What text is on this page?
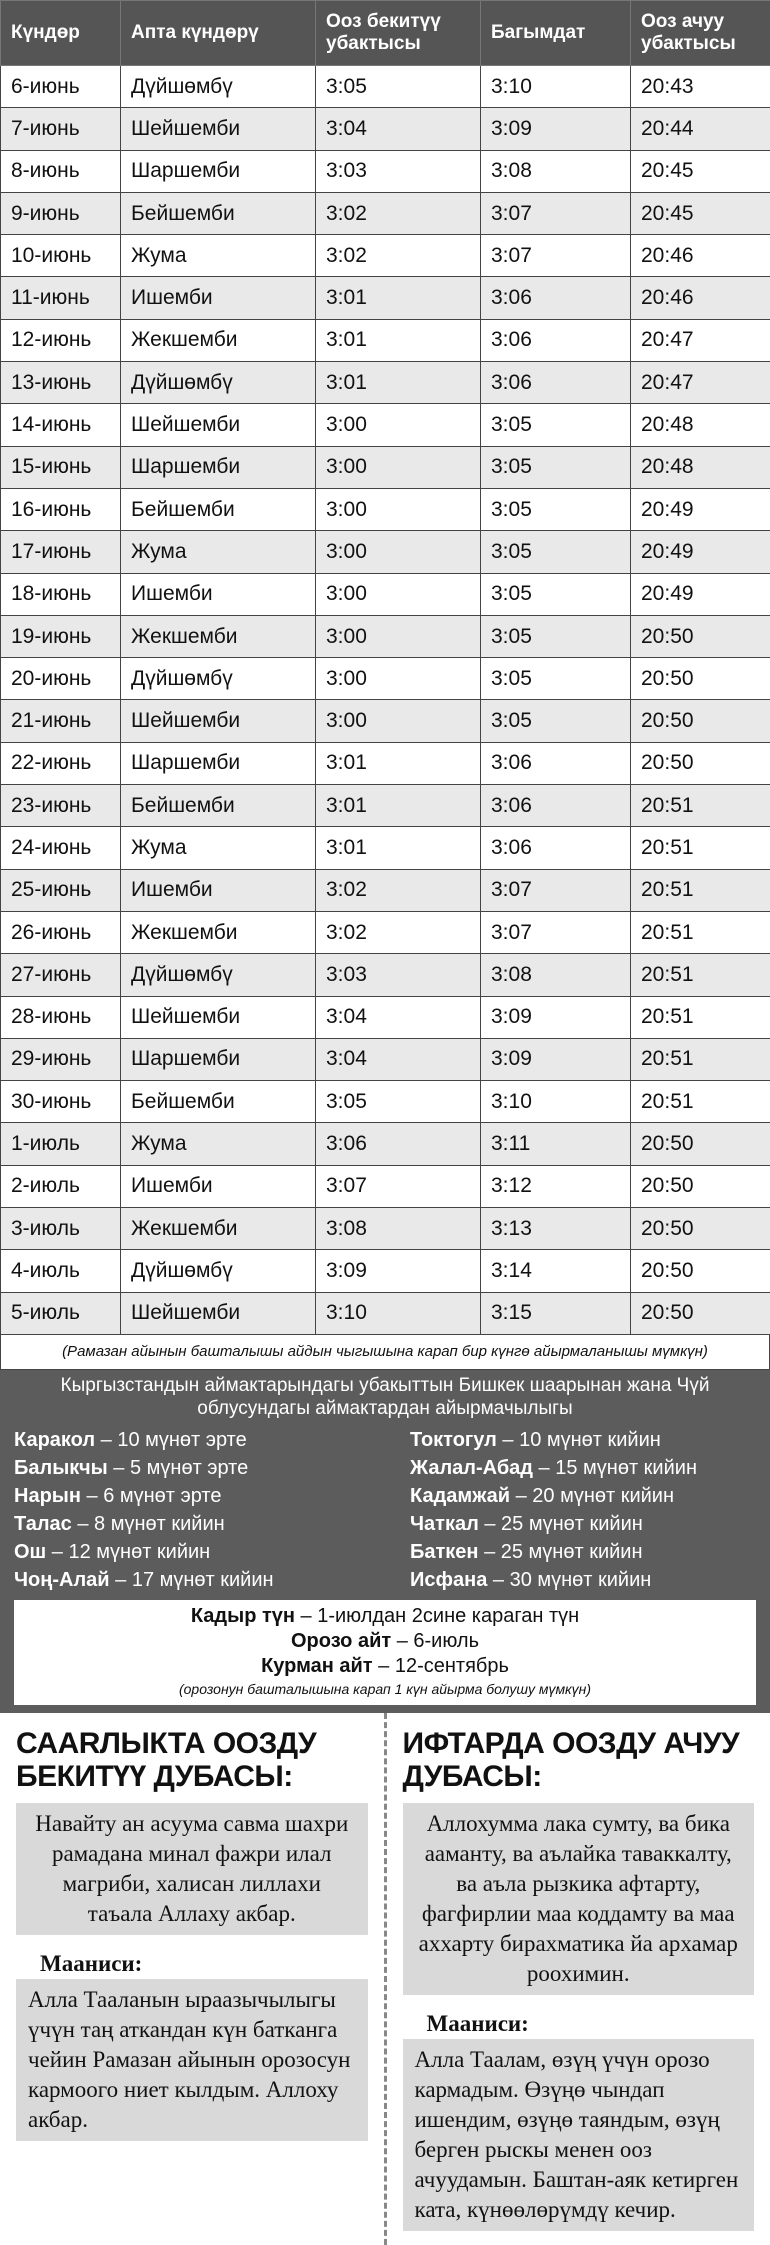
Күндөр	Апта күндөрү	Ооз бекитүү убактысы	Багымдат	Ооз ачуу убактысы
6-июнь	Дүйшөмбү	3:05	3:10	20:43
7-июнь	Шейшемби	3:04	3:09	20:44
8-июнь	Шаршемби	3:03	3:08	20:45
9-июнь	Бейшемби	3:02	3:07	20:45
10-июнь	Жума	3:02	3:07	20:46
11-июнь	Ишемби	3:01	3:06	20:46
12-июнь	Жекшемби	3:01	3:06	20:47
13-июнь	Дүйшөмбү	3:01	3:06	20:47
14-июнь	Шейшемби	3:00	3:05	20:48
15-июнь	Шаршемби	3:00	3:05	20:48
16-июнь	Бейшемби	3:00	3:05	20:49
17-июнь	Жума	3:00	3:05	20:49
18-июнь	Ишемби	3:00	3:05	20:49
19-июнь	Жекшемби	3:00	3:05	20:50
20-июнь	Дүйшөмбү	3:00	3:05	20:50
21-июнь	Шейшемби	3:00	3:05	20:50
22-июнь	Шаршемби	3:01	3:06	20:50
23-июнь	Бейшемби	3:01	3:06	20:51
24-июнь	Жума	3:01	3:06	20:51
25-июнь	Ишемби	3:02	3:07	20:51
26-июнь	Жекшемби	3:02	3:07	20:51
27-июнь	Дүйшөмбү	3:03	3:08	20:51
28-июнь	Шейшемби	3:04	3:09	20:51
29-июнь	Шаршемби	3:04	3:09	20:51
30-июнь	Бейшемби	3:05	3:10	20:51
1-июль	Жума	3:06	3:11	20:50
2-июль	Ишемби	3:07	3:12	20:50
3-июль	Жекшемби	3:08	3:13	20:50
4-июль	Дүйшөмбү	3:09	3:14	20:50
5-июль	Шейшемби	3:10	3:15	20:50
(Рамазан айынын башталышы айдын чыгышына карап бир күнгө айырмаланышы мүмкүн)
Кыргызстандын аймактарындагы убакыттын Бишкек шаарынан жана Чүй облусундагы аймактардан айырмачылыгы
Каракол – 10 мүнөт эрте
Балыкчы – 5 мүнөт эрте
Нарын – 6 мүнөт эрте
Талас – 8 мүнөт кийин
Ош – 12 мүнөт кийин
Чоң-Алай – 17 мүнөт кийин
Токтогул – 10 мүнөт кийин
Жалал-Абад – 15 мүнөт кийин
Кадамжай – 20 мүнөт кийин
Чаткал – 25 мүнөт кийин
Баткен – 25 мүнөт кийин
Исфана – 30 мүнөт кийин
Кадыр түн – 1-июлдан 2сине караган түн
Орозо айт – 6-июль
Курман айт – 12-сентябрь
(орозонун башталышына карап 1 күн айырма болушу мүмкүн)
САARЛЫКТА ООЗДУ БЕКИТҮҮ ДУБАСЫ:
Навайту ан асуума савма шахри рамадана минал фажри илал магриби, халисан лиллахи таъала Аллаху акбар.
Мааниси:
Алла Тааланын ыраазычылыгы үчүн таң аткандан күн батканга чейин Рамазан айынын орозосун кармоого ниет кылдым. Аллоху акбар.
ИФТАРДА ООЗДУ АЧУУ ДУБАСЫ:
Аллохумма лака сумту, ва бика ааманту, ва аълайка таваккалту, ва аъла рызкика афтарту, фагфирлии маа коддамту ва маа аххарту бирахматика йа архамар роохимин.
Мааниси:
Алла Таалам, өзүң үчүн орозо кармадым. Өзүңө чындап ишендим, өзүңө таяндым, өзүң берген рыскы менен ооз ачуудамын. Баштан-аяк кетирген ката, күнөөлөрүмдү кечир.
